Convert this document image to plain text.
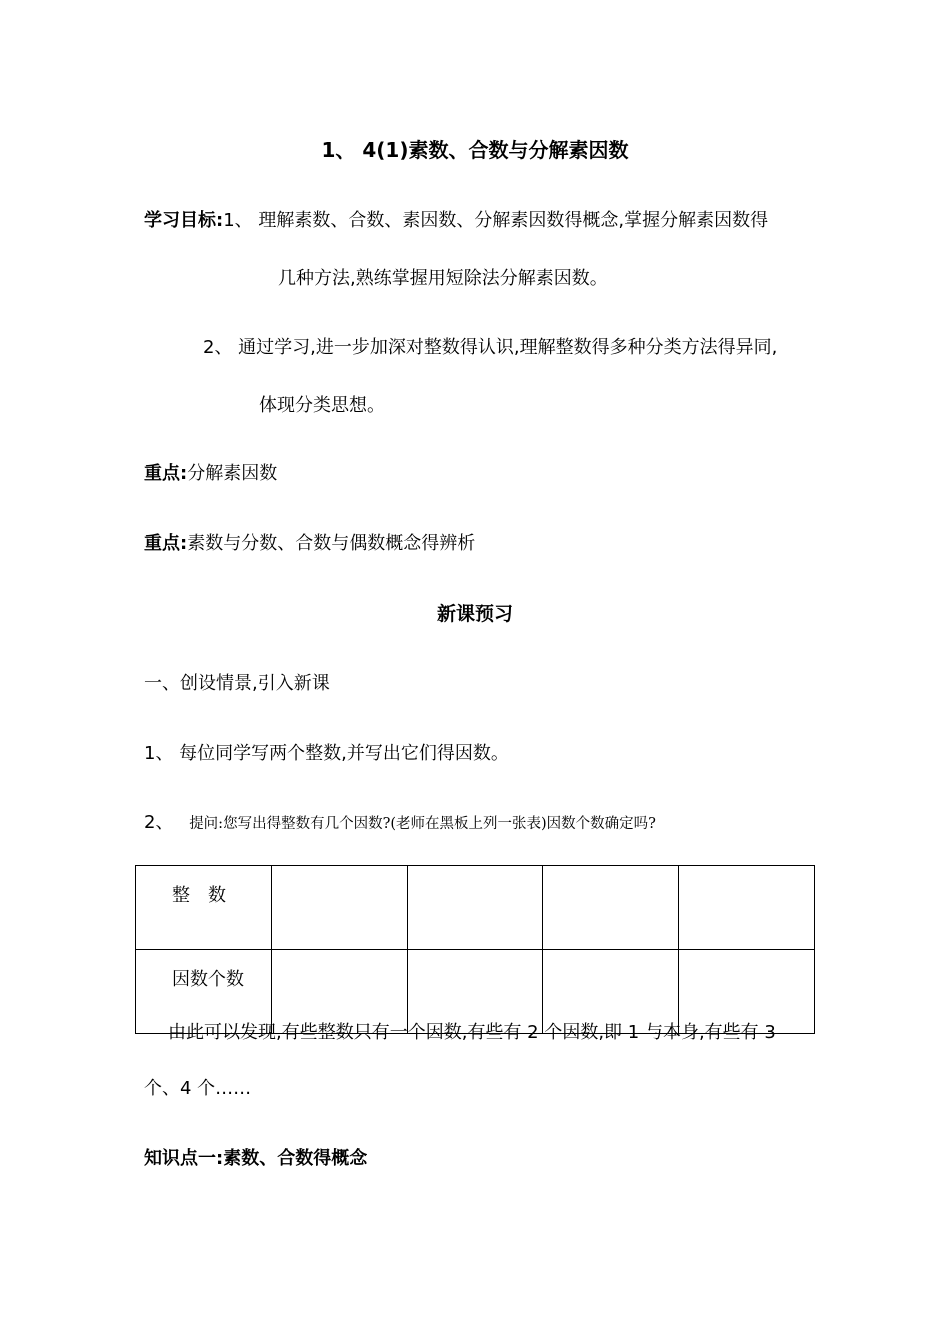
1、 4(1)素数、合数与分解素因数
学习目标:1、 理解素数、合数、素因数、分解素因数得概念,掌握分解素因数得
几种方法,熟练掌握用短除法分解素因数。
2、 通过学习,进一步加深对整数得认识,理解整数得多种分类方法得异同,
体现分类思想。
重点:分解素因数
重点:素数与分数、合数与偶数概念得辨析
新课预习
一、创设情景,引入新课
1、 每位同学写两个整数,并写出它们得因数。
2、 提问:您写出得整数有几个因数?(老师在黑板上列一张表)因数个数确定吗?
整　数				
因数个数				
由此可以发现,有些整数只有一个因数,有些有 2 个因数,即 1 与本身,有些有 3
个、4 个……
知识点一:素数、合数得概念
